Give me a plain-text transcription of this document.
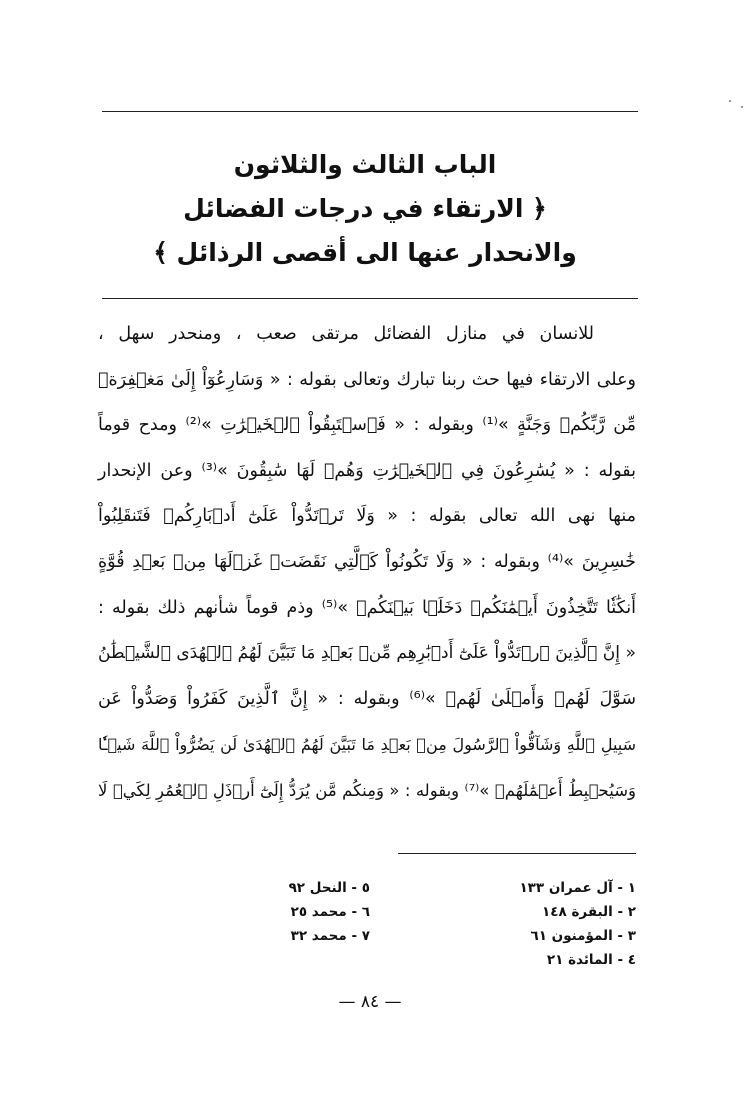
الباب الثالث والثلاثون
﴿ الارتقاء في درجات الفضائل
والانحدار عنها الى أقصى الرذائل ﴾
للانسان في منازل الفضائل مرتقى صعب ، ومنحدر سهل ،
وعلى الارتقاء فيها حث ربنا تبارك وتعالى بقوله : « وَسَارِعُوٓاْ إِلَىٰ مَغۡفِرَةٖ
مِّن رَّبِّكُمۡ وَجَنَّةٍ »⁽¹⁾ وبقوله : « فَٱسۡتَبِقُواْ ٱلۡخَيۡرَٰتِ »⁽²⁾ ومدح قوماً
بقوله : « يُسَٰرِعُونَ فِي ٱلۡخَيۡرَٰتِ وَهُمۡ لَهَا سَٰبِقُونَ »⁽³⁾ وعن الإنحدار
منها نهى الله تعالى بقوله : « وَلَا تَرۡتَدُّواْ عَلَىٰٓ أَدۡبَارِكُمۡ فَتَنقَلِبُواْ
خَٰسِرِينَ »⁽⁴⁾ وبقوله : « وَلَا تَكُونُواْ كَٱلَّتِي نَقَضَتۡ غَزۡلَهَا مِنۢ بَعۡدِ قُوَّةٍ
أَنكَٰثٗا تَتَّخِذُونَ أَيۡمَٰنَكُمۡ دَخَلَۢا بَيۡنَكُمۡ »⁽⁵⁾ وذم قوماً شأنهم ذلك بقوله :
« إِنَّ ٱلَّذِينَ ٱرۡتَدُّواْ عَلَىٰٓ أَدۡبَٰرِهِم مِّنۢ بَعۡدِ مَا تَبَيَّنَ لَهُمُ ٱلۡهُدَى ٱلشَّيۡطَٰنُ
سَوَّلَ لَهُمۡ وَأَمۡلَىٰ لَهُمۡ »⁽⁶⁾ وبقوله : « إِنَّ ٱلَّذِينَ كَفَرُواْ وَصَدُّواْ عَن
سَبِيلِ ٱللَّهِ وَشَآقُّواْ ٱلرَّسُولَ مِنۢ بَعۡدِ مَا تَبَيَّنَ لَهُمُ ٱلۡهُدَىٰ لَن يَضُرُّواْ ٱللَّهَ شَيۡـٔٗا
وَسَيُحۡبِطُ أَعۡمَٰلَهُمۡ »⁽⁷⁾ وبقوله : « وَمِنكُم مَّن يُرَدُّ إِلَىٰٓ أَرۡذَلِ ٱلۡعُمُرِ لِكَيۡ لَا
١ - آل عمران ١٣٣
٢ - البقرة ١٤٨
٣ - المؤمنون ٦١
٤ - المائدة ٢١
٥ - النحل ٩٢
٦ - محمد ٢٥
٧ - محمد ٣٢
— ٨٤ —
